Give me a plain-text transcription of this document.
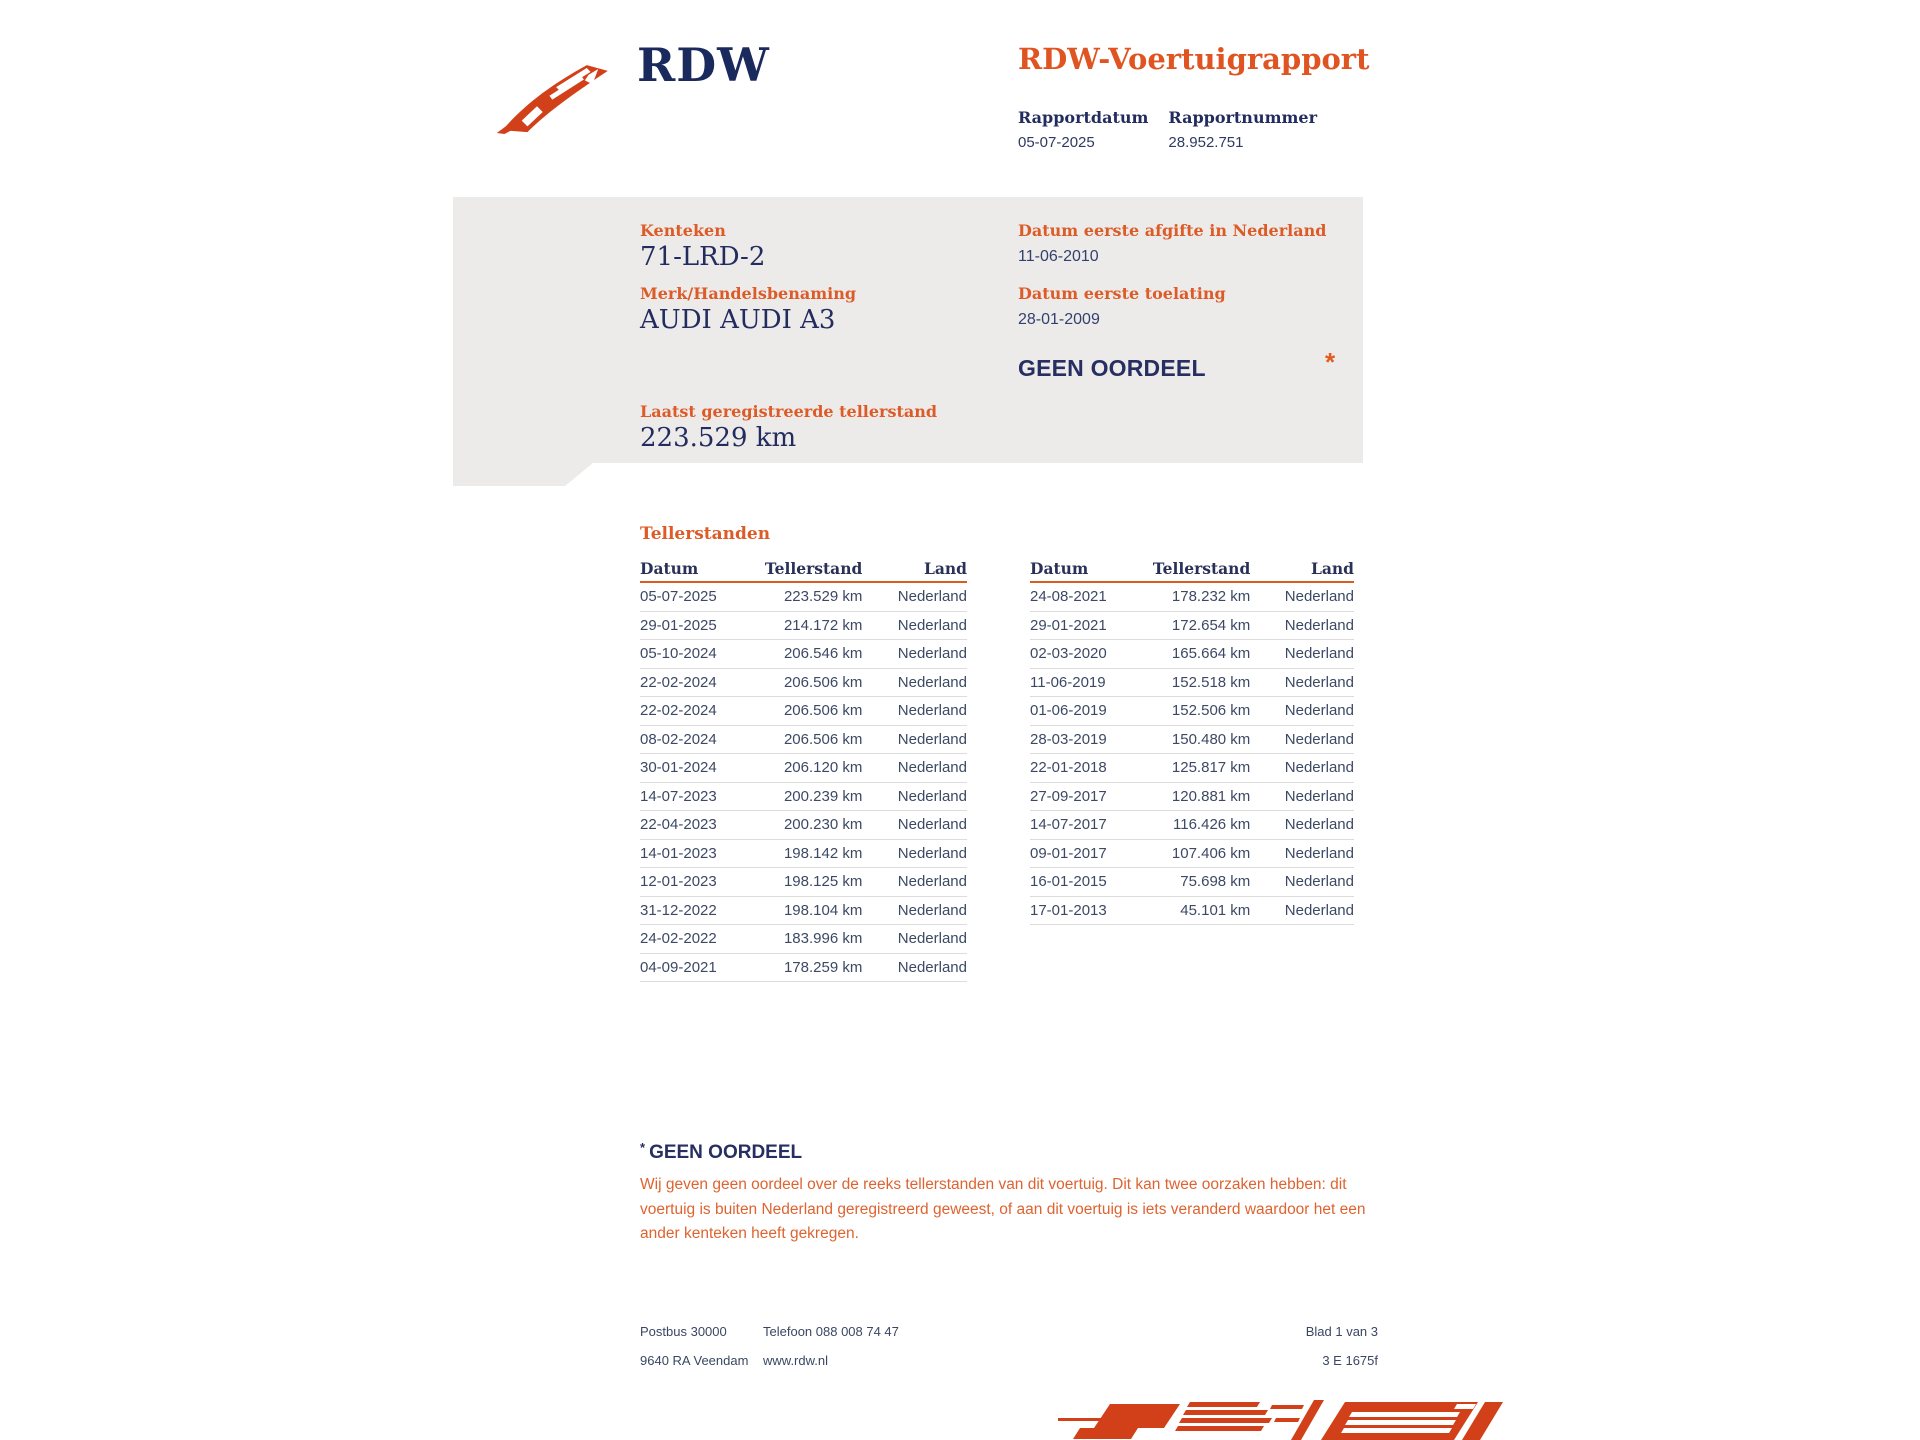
RDW	RDW-Voertuigrapport
Rapportdatum
05-07-2025
Rapportnummer
28.952.751
Kenteken
71-LRD-2
Merk/Handelsbenaming
AUDI AUDI A3
Laatst geregistreerde tellerstand
223.529 km
Datum eerste afgifte in Nederland
11-06-2010
Datum eerste toelating
28-01-2009
GEEN OORDEEL	*
Tellerstanden
Datum	Tellerstand	Land
05-07-2025	223.529 km	Nederland
29-01-2025	214.172 km	Nederland
05-10-2024	206.546 km	Nederland
22-02-2024	206.506 km	Nederland
22-02-2024	206.506 km	Nederland
08-02-2024	206.506 km	Nederland
30-01-2024	206.120 km	Nederland
14-07-2023	200.239 km	Nederland
22-04-2023	200.230 km	Nederland
14-01-2023	198.142 km	Nederland
12-01-2023	198.125 km	Nederland
31-12-2022	198.104 km	Nederland
24-02-2022	183.996 km	Nederland
04-09-2021	178.259 km	Nederland
Datum	Tellerstand	Land
24-08-2021	178.232 km	Nederland
29-01-2021	172.654 km	Nederland
02-03-2020	165.664 km	Nederland
11-06-2019	152.518 km	Nederland
01-06-2019	152.506 km	Nederland
28-03-2019	150.480 km	Nederland
22-01-2018	125.817 km	Nederland
27-09-2017	120.881 km	Nederland
14-07-2017	116.426 km	Nederland
09-01-2017	107.406 km	Nederland
16-01-2015	75.698 km	Nederland
17-01-2013	45.101 km	Nederland
* GEEN OORDEEL
Wij geven geen oordeel over de reeks tellerstanden van dit voertuig. Dit kan twee oorzaken hebben: dit voertuig is buiten Nederland geregistreerd geweest, of aan dit voertuig is iets veranderd waardoor het een ander kenteken heeft gekregen.
Postbus 30000	Telefoon 088 008 74 47	Blad 1 van 3
9640 RA Veendam	www.rdw.nl	3 E 1675f
